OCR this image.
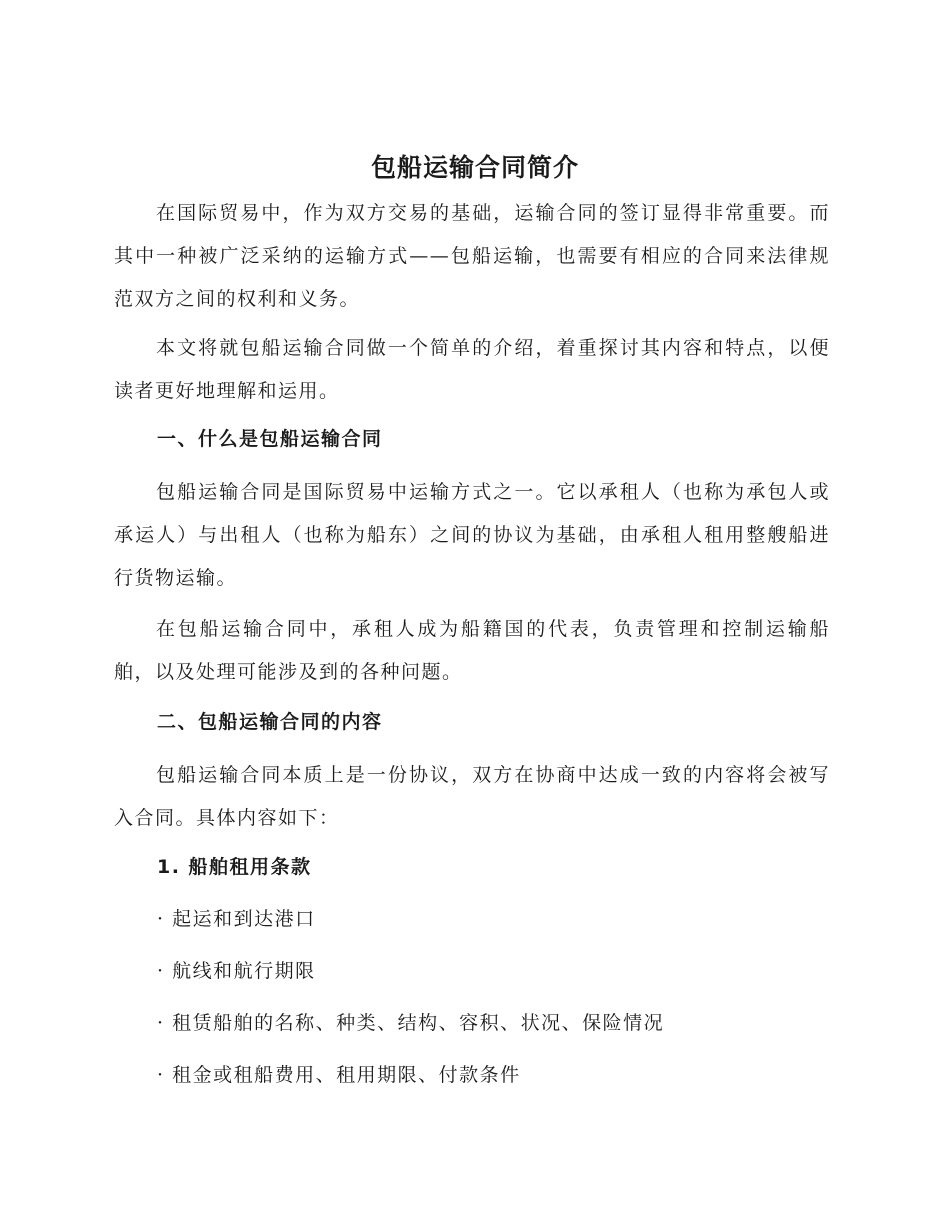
包船运输合同简介

在国际贸易中，作为双方交易的基础，运输合同的签订显得非常重要。而其中一种被广泛采纳的运输方式——包船运输，也需要有相应的合同来法律规范双方之间的权利和义务。

本文将就包船运输合同做一个简单的介绍，着重探讨其内容和特点，以便读者更好地理解和运用。

一、什么是包船运输合同

包船运输合同是国际贸易中运输方式之一。它以承租人（也称为承包人或承运人）与出租人（也称为船东）之间的协议为基础，由承租人租用整艘船进行货物运输。

在包船运输合同中，承租人成为船籍国的代表，负责管理和控制运输船舶，以及处理可能涉及到的各种问题。

二、包船运输合同的内容

包船运输合同本质上是一份协议，双方在协商中达成一致的内容将会被写入合同。具体内容如下：

1. 船舶租用条款

· 起运和到达港口

· 航线和航行期限

· 租赁船舶的名称、种类、结构、容积、状况、保险情况

· 租金或租船费用、租用期限、付款条件
